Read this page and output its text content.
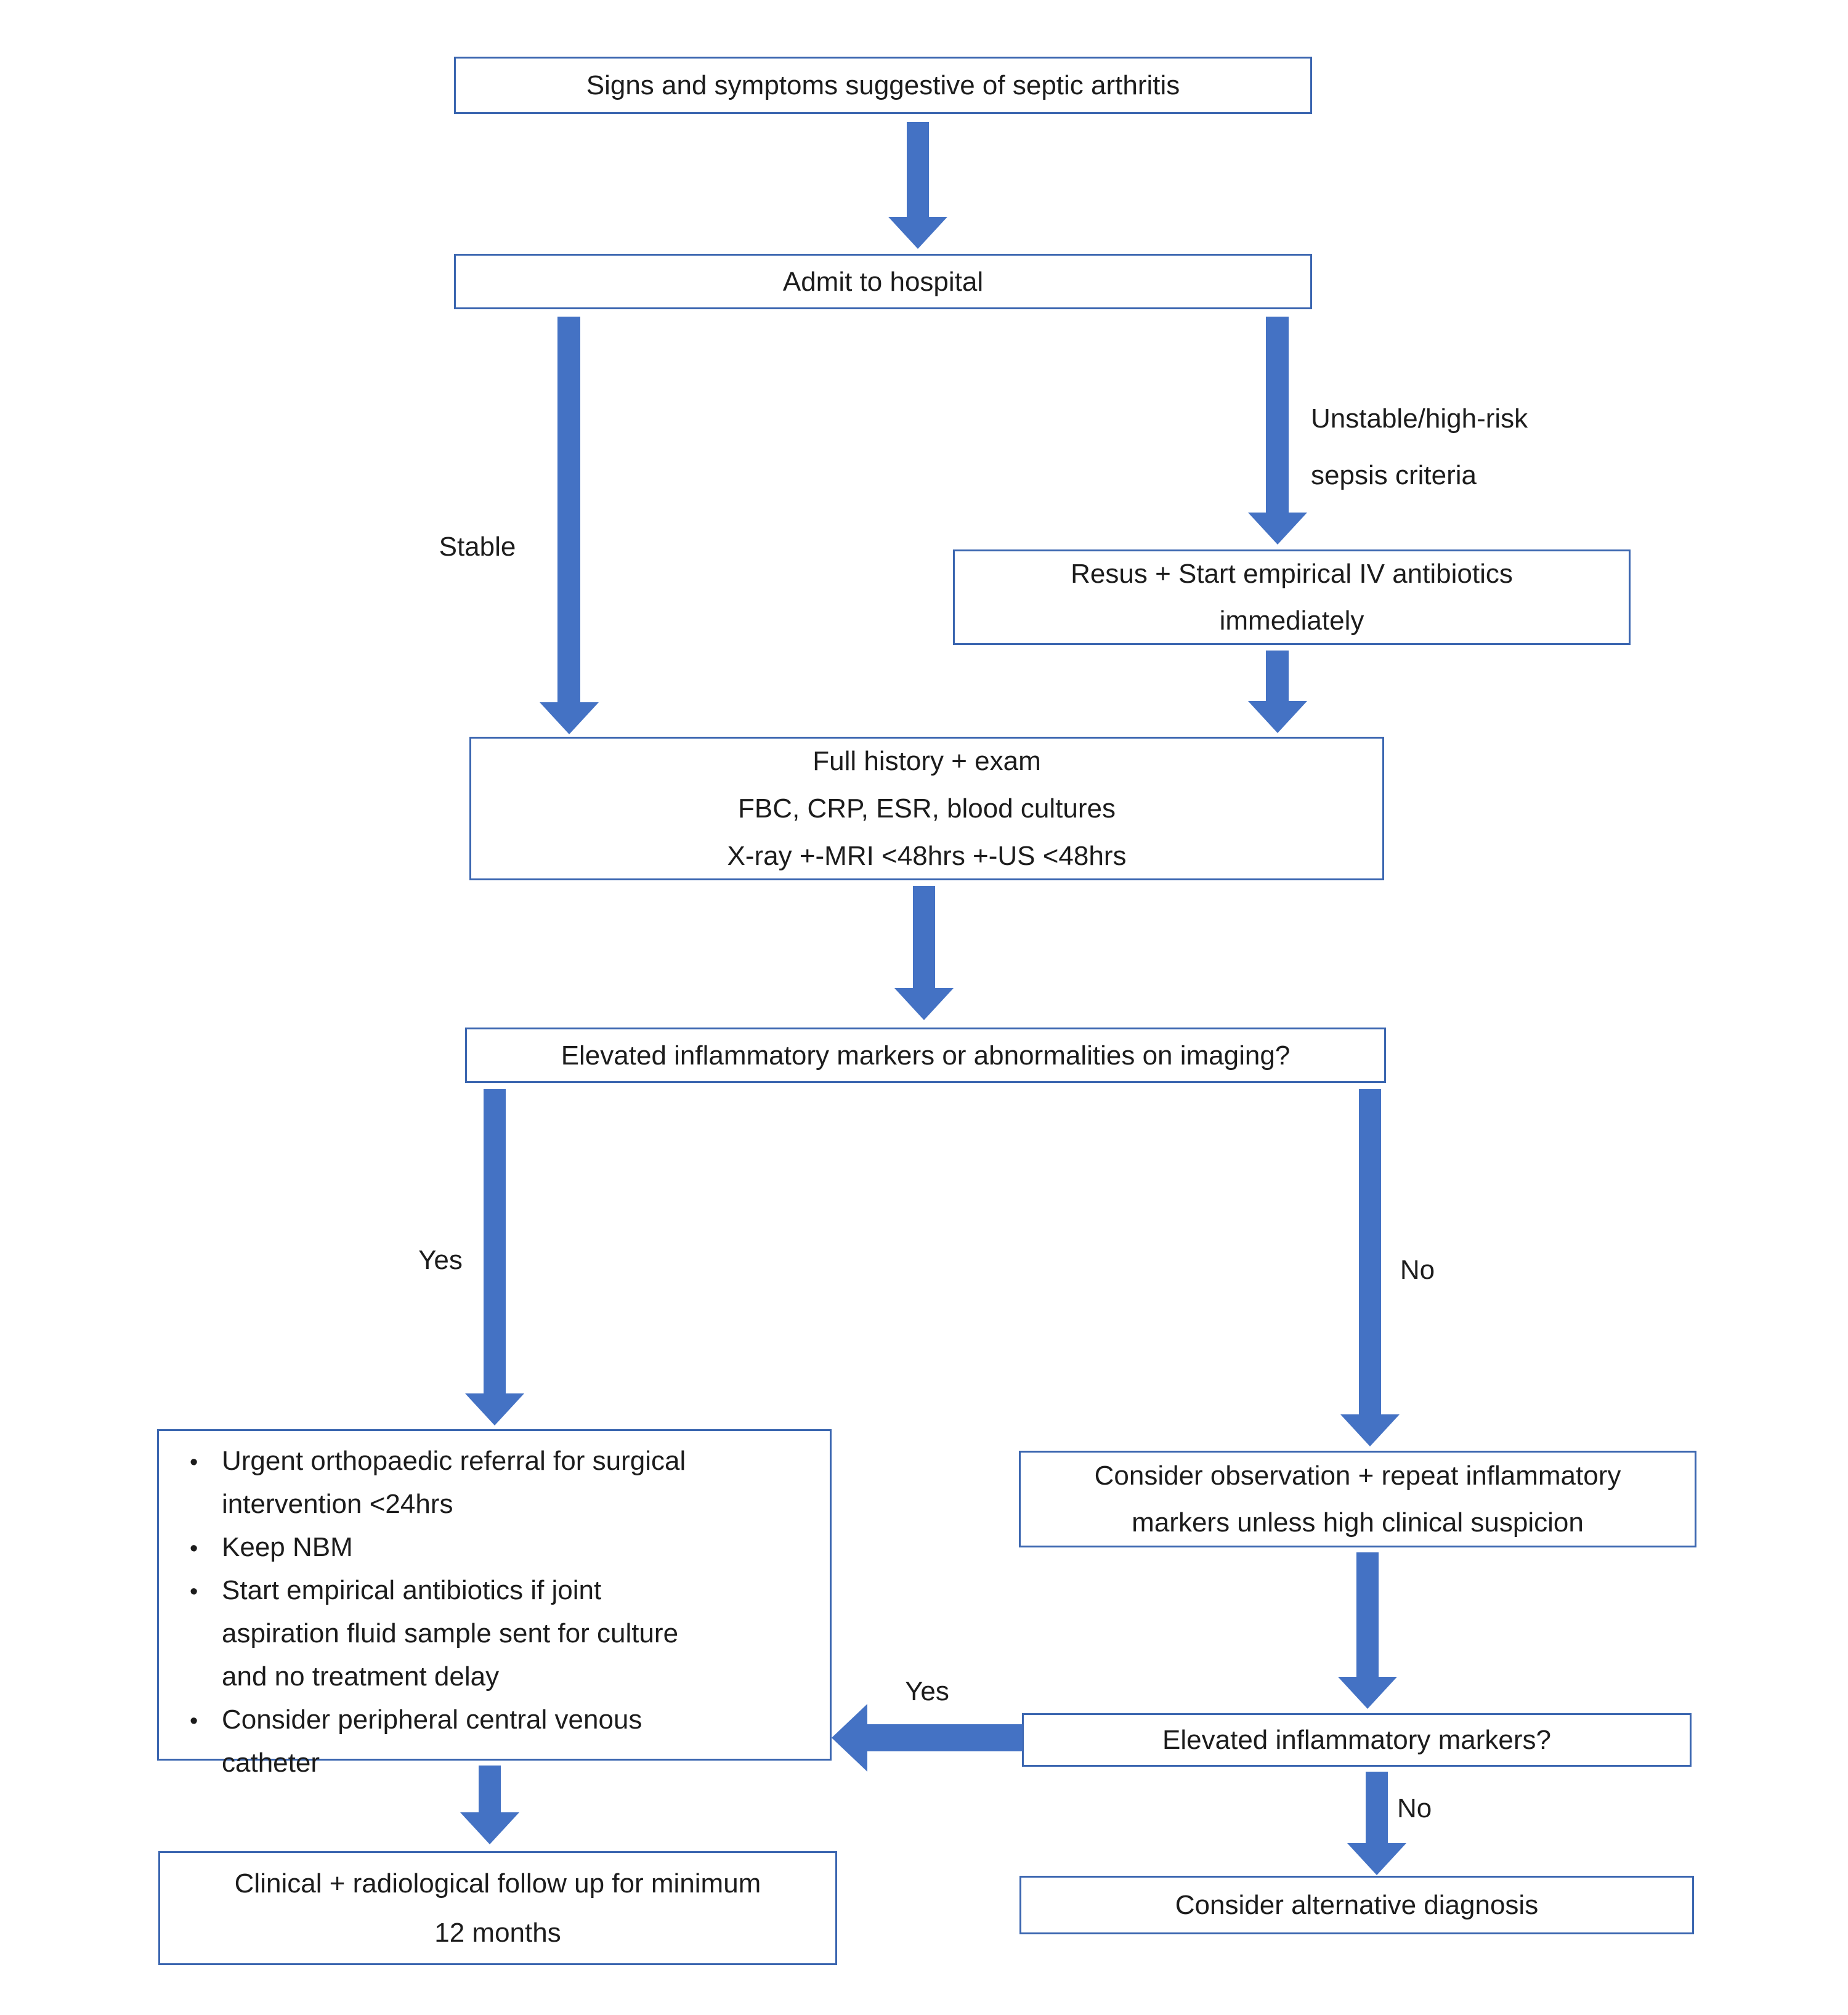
Signs and symptoms suggestive of septic arthritis
Admit to hospital
Stable
Unstable/high-risk
sepsis criteria
Resus + Start empirical IV antibiotics
immediately
Full history + exam
FBC, CRP, ESR, blood cultures
X-ray +-MRI <48hrs +-US <48hrs
Elevated inflammatory markers or abnormalities on imaging?
Yes	No
• Urgent orthopaedic referral for surgical
intervention <24hrs
• Keep NBM
• Start empirical antibiotics if joint
aspiration fluid sample sent for culture
and no treatment delay
• Consider peripheral central venous
catheter
Consider observation + repeat inflammatory
markers unless high clinical suspicion
Elevated inflammatory markers?
Yes
No
Clinical + radiological follow up for minimum
12 months
Consider alternative diagnosis
